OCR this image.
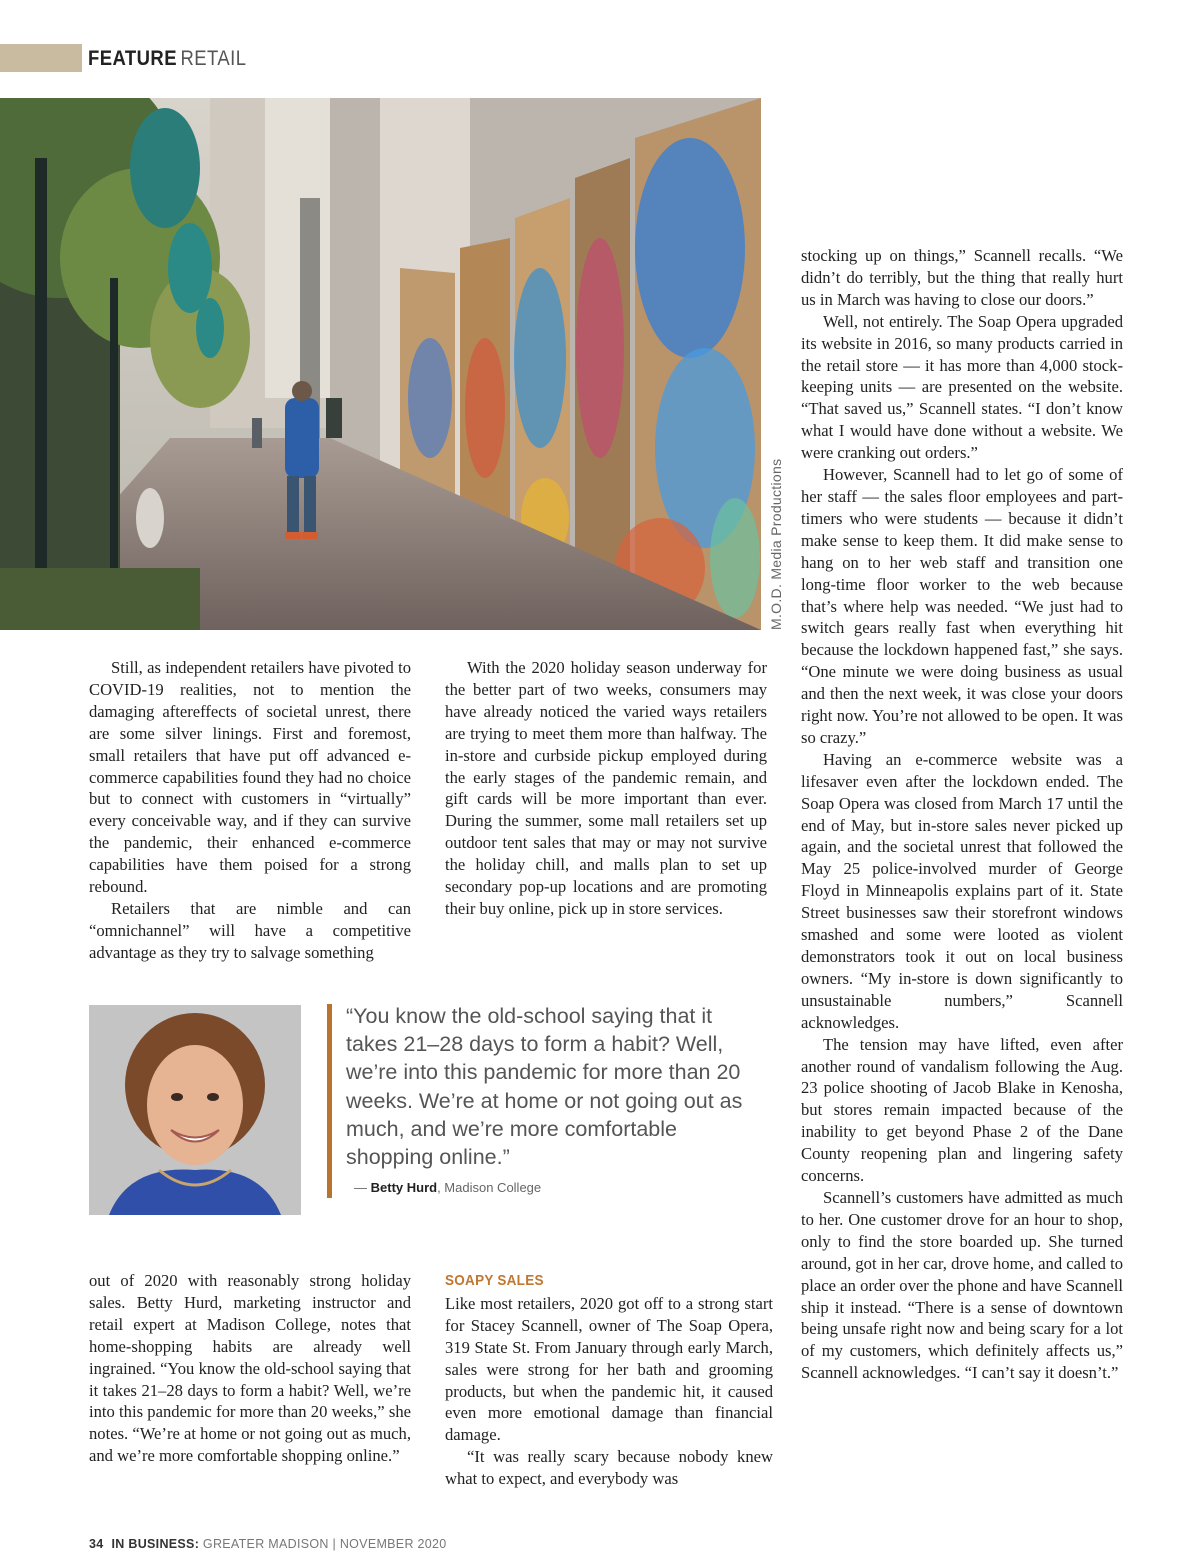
FEATURE RETAIL
M.O.D. Media Productions

Still, as independent retailers have pivoted to COVID-19 realities, not to mention the damaging aftereffects of societal unrest, there are some silver linings. First and foremost, small retailers that have put off advanced e-commerce capabilities found they had no choice but to connect with customers in “virtually” every conceivable way, and if they can survive the pandemic, their enhanced e-commerce capabilities have them poised for a strong rebound.

Retailers that are nimble and can “omnichannel” will have a competitive advantage as they try to salvage something

With the 2020 holiday season underway for the better part of two weeks, consumers may have already noticed the varied ways retailers are trying to meet them more than halfway. The in-store and curbside pickup employed during the early stages of the pandemic remain, and gift cards will be more important than ever. During the summer, some mall retailers set up outdoor tent sales that may or may not survive the holiday chill, and malls plan to set up secondary pop-up locations and are promoting their buy online, pick up in store services.

“You know the old-school saying that it takes 21–28 days to form a habit? Well, we’re into this pandemic for more than 20 weeks. We’re at home or not going out as much, and we’re more comfortable shopping online.”
— Betty Hurd, Madison College

out of 2020 with reasonably strong holiday sales. Betty Hurd, marketing instructor and retail expert at Madison College, notes that home-shopping habits are already well ingrained. “You know the old-school saying that it takes 21–28 days to form a habit? Well, we’re into this pandemic for more than 20 weeks,” she notes. “We’re at home or not going out as much, and we’re more comfortable shopping online.”

SOAPY SALES

Like most retailers, 2020 got off to a strong start for Stacey Scannell, owner of The Soap Opera, 319 State St. From January through early March, sales were strong for her bath and grooming products, but when the pandemic hit, it caused even more emotional damage than financial damage.

“It was really scary because nobody knew what to expect, and everybody was

stocking up on things,” Scannell recalls. “We didn’t do terribly, but the thing that really hurt us in March was having to close our doors.”

Well, not entirely. The Soap Opera upgraded its website in 2016, so many products carried in the retail store — it has more than 4,000 stock-keeping units — are presented on the website. “That saved us,” Scannell states. “I don’t know what I would have done without a website. We were cranking out orders.”

However, Scannell had to let go of some of her staff — the sales floor employees and part-timers who were students — because it didn’t make sense to keep them. It did make sense to hang on to her web staff and transition one long-time floor worker to the web because that’s where help was needed. “We just had to switch gears really fast when everything hit because the lockdown happened fast,” she says. “One minute we were doing business as usual and then the next week, it was close your doors right now. You’re not allowed to be open. It was so crazy.”

Having an e-commerce website was a lifesaver even after the lockdown ended. The Soap Opera was closed from March 17 until the end of May, but in-store sales never picked up again, and the societal unrest that followed the May 25 police-involved murder of George Floyd in Minneapolis explains part of it. State Street businesses saw their storefront windows smashed and some were looted as violent demonstrators took it out on local business owners. “My in-store is down significantly to unsustainable numbers,” Scannell acknowledges.

The tension may have lifted, even after another round of vandalism following the Aug. 23 police shooting of Jacob Blake in Kenosha, but stores remain impacted because of the inability to get beyond Phase 2 of the Dane County reopening plan and lingering safety concerns.

Scannell’s customers have admitted as much to her. One customer drove for an hour to shop, only to find the store boarded up. She turned around, got in her car, drove home, and called to place an order over the phone and have Scannell ship it instead. “There is a sense of downtown being unsafe right now and being scary for a lot of my customers, which definitely affects us,” Scannell acknowledges. “I can’t say it doesn’t.”

34 IN BUSINESS: GREATER MADISON | NOVEMBER 2020
